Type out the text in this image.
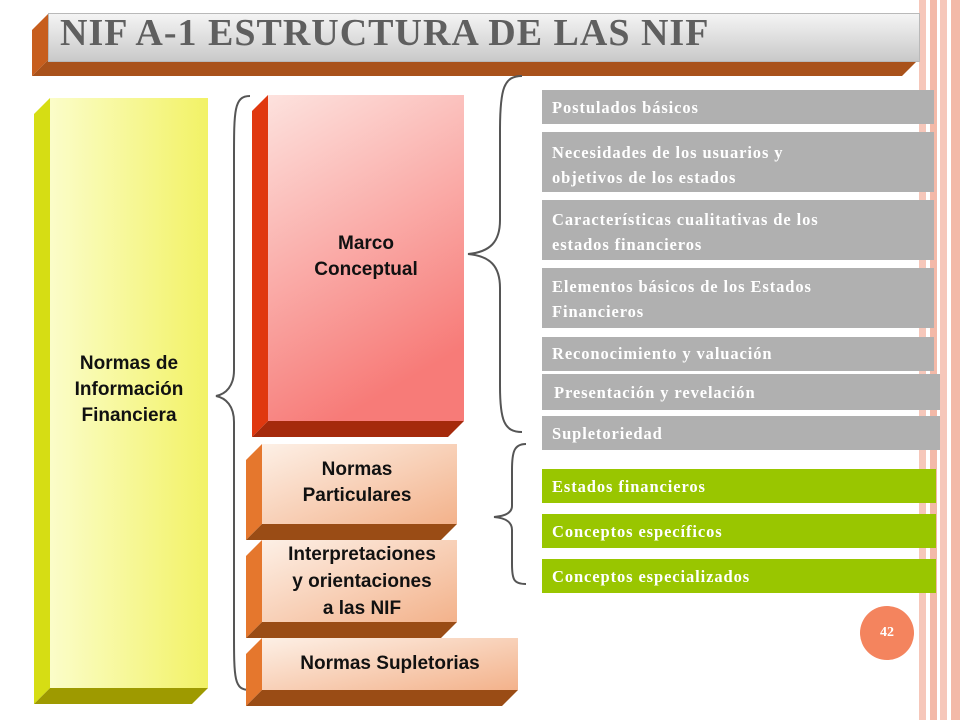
NIF A-1 ESTRUCTURA DE LAS NIF
Normas de
Información
Financiera
Marco
Conceptual
Normas
Particulares
Interpretaciones
y orientaciones
a las NIF
Normas Supletorias
Postulados básicos
Necesidades de los usuarios y
objetivos de los estados

Características cualitativas de los
estados financieros
Elementos básicos de los Estados
Financieros
Reconocimiento y valuación
Presentación y revelación
Supletoriedad
Estados financieros
Conceptos específicos
Conceptos especializados
42
